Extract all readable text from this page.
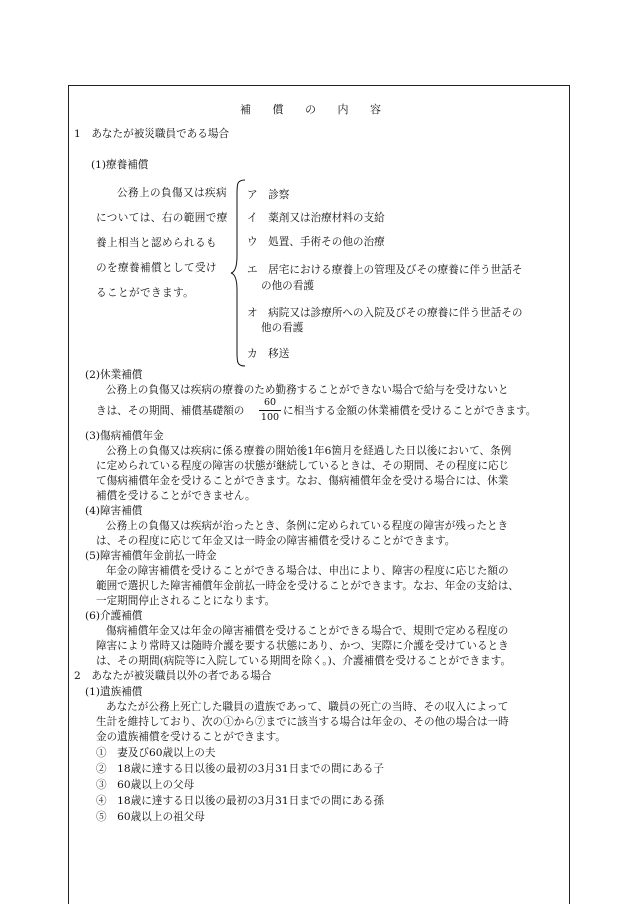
補 償 の 内 容
1　あなたが被災職員である場合
(1)療養補償
公務上の負傷又は疾病
については、右の範囲で療
養上相当と認められるも
のを療養補償として受け
ることができます。
ア　診察
イ　薬剤又は治療材料の支給
ウ　処置、手術その他の治療
エ　居宅における療養上の管理及びその療養に伴う世話そ
の他の看護
オ　病院又は診療所への入院及びその療養に伴う世話その
他の看護
カ　移送
(2)休業補償
公務上の負傷又は疾病の療養のため勤務することができない場合で給与を受けないと
きは、その期間、補償基礎額の
60
100
に相当する金額の休業補償を受けることができます。
(3)傷病補償年金
公務上の負傷又は疾病に係る療養の開始後1年6箇月を経過した日以後において、条例
に定められている程度の障害の状態が継続しているときは、その期間、その程度に応じ
て傷病補償年金を受けることができます。なお、傷病補償年金を受ける場合には、休業
補償を受けることができません。
(4)障害補償
公務上の負傷又は疾病が治ったとき、条例に定められている程度の障害が残ったとき
は、その程度に応じて年金又は一時金の障害補償を受けることができます。
(5)障害補償年金前払一時金
年金の障害補償を受けることができる場合は、申出により、障害の程度に応じた額の
範囲で選択した障害補償年金前払一時金を受けることができます。なお、年金の支給は、
一定期間停止されることになります。
(6)介護補償
傷病補償年金又は年金の障害補償を受けることができる場合で、規則で定める程度の
障害により常時又は随時介護を要する状態にあり、かつ、実際に介護を受けているとき
は、その期間(病院等に入院している期間を除く。)、介護補償を受けることができます。
2　あなたが被災職員以外の者である場合
(1)遺族補償
あなたが公務上死亡した職員の遺族であって、職員の死亡の当時、その収入によって
生計を維持しており、次の①から⑦までに該当する場合は年金の、その他の場合は一時
金の遺族補償を受けることができます。
①　妻及び60歳以上の夫
②　18歳に達する日以後の最初の3月31日までの間にある子
③　60歳以上の父母
④　18歳に達する日以後の最初の3月31日までの間にある孫
⑤　60歳以上の祖父母
